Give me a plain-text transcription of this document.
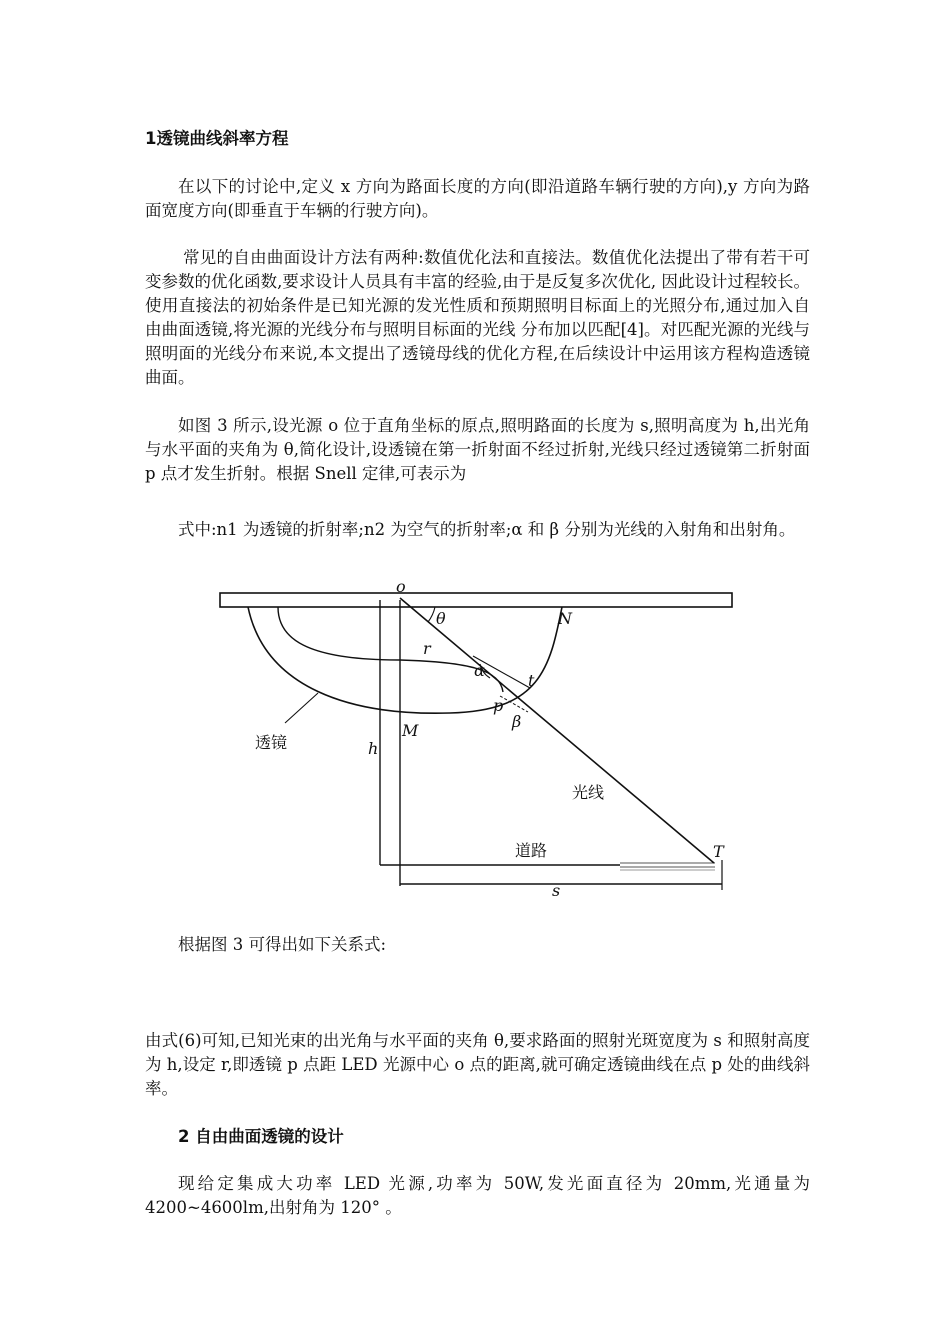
1透镜曲线斜率方程

在以下的讨论中,定义 x 方向为路面长度的方向(即沿道路车辆行驶的方向),y 方向为路面宽度方向(即垂直于车辆的行驶方向)。

常见的自由曲面设计方法有两种:数值优化法和直接法。数值优化法提出了带有若干可变参数的优化函数,要求设计人员具有丰富的经验,由于是反复多次优化, 因此设计过程较长。使用直接法的初始条件是已知光源的发光性质和预期照明目标面上的光照分布,通过加入自由曲面透镜,将光源的光线分布与照明目标面的光线 分布加以匹配[4]。对匹配光源的光线与照明面的光线分布来说,本文提出了透镜母线的优化方程,在后续设计中运用该方程构造透镜曲面。

如图 3 所示,设光源 o 位于直角坐标的原点,照明路面的长度为 s,照明高度为 h,出光角与水平面的夹角为 θ,简化设计,设透镜在第一折射面不经过折射,光线只经过透镜第二折射面 p 点才发生折射。根据 Snell 定律,可表示为

式中:n1 为透镜的折射率;n2 为空气的折射率;α 和 β 分别为光线的入射角和出射角。

o
θ	N
r
α
t
p
β
M
h
透镜
光线
道路	T
s

根据图 3 可得出如下关系式:

由式(6)可知,已知光束的出光角与水平面的夹角 θ,要求路面的照射光斑宽度为 s 和照射高度为 h,设定 r,即透镜 p 点距 LED 光源中心 o 点的距离,就可确定透镜曲线在点 p 处的曲线斜率。

2 自由曲面透镜的设计

现给定集成大功率 LED 光源,功率为 50W,发光面直径为 20mm,光通量为 4200~4600lm,出射角为 120° 。
